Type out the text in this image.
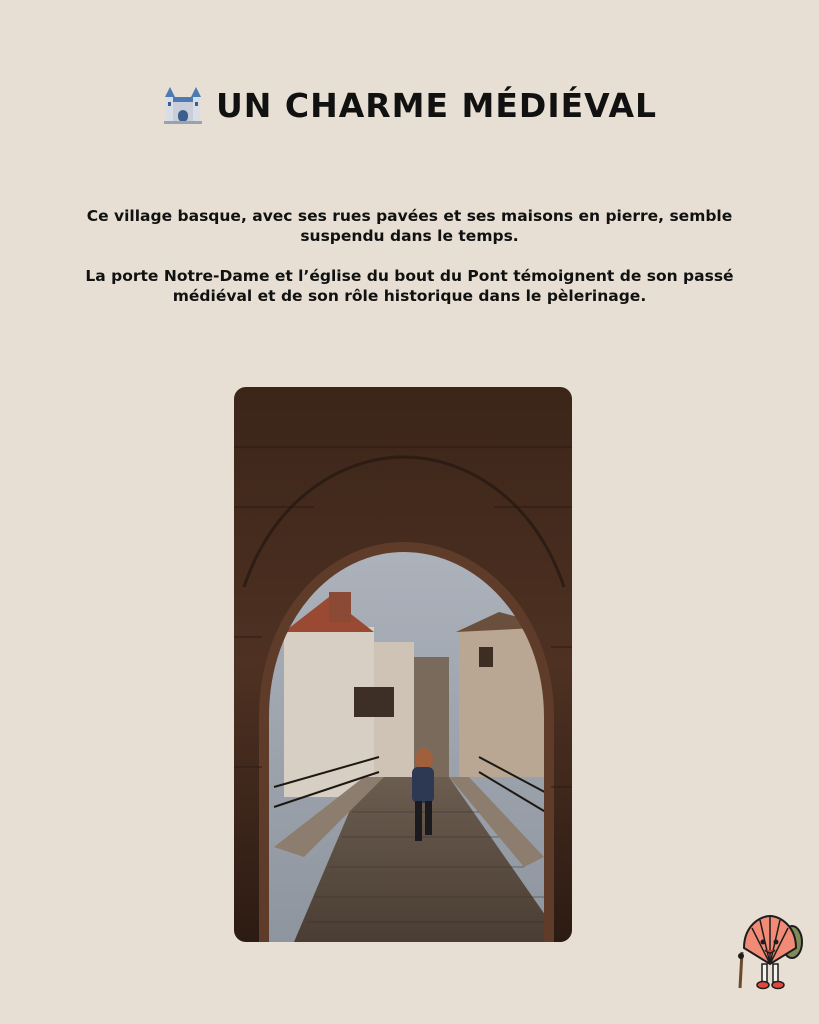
UN CHARME MÉDIÉVAL

Ce village basque, avec ses rues pavées et ses maisons en pierre, semble suspendu dans le temps.

La porte Notre-Dame et l’église du bout du Pont témoignent de son passé médiéval et de son rôle historique dans le pèlerinage.
